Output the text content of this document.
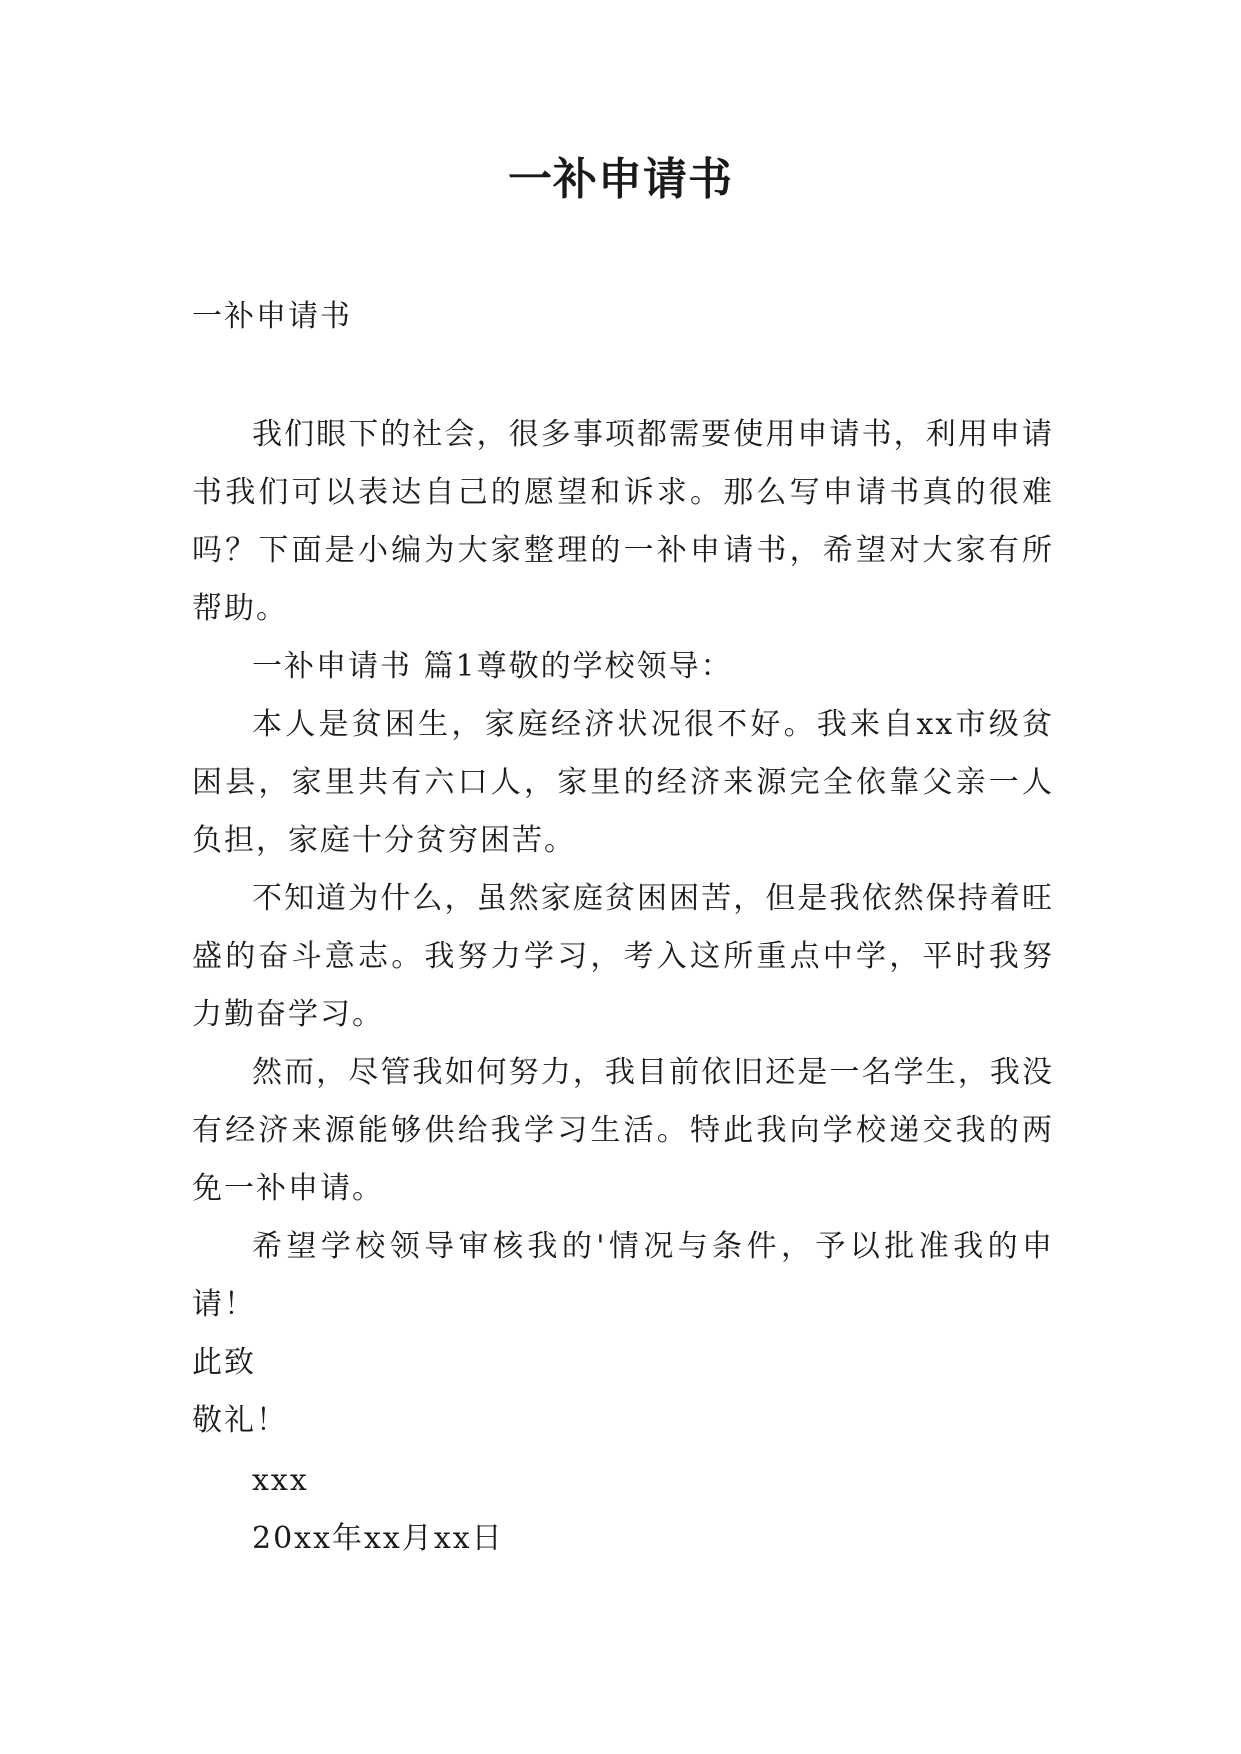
一补申请书

一补申请书

我们眼下的社会，很多事项都需要使用申请书，利用申请书我们可以表达自己的愿望和诉求。那么写申请书真的很难吗？下面是小编为大家整理的一补申请书，希望对大家有所帮助。

一补申请书 篇1尊敬的学校领导：

本人是贫困生，家庭经济状况很不好。我来自xx市级贫困县，家里共有六口人，家里的经济来源完全依靠父亲一人负担，家庭十分贫穷困苦。

不知道为什么，虽然家庭贫困困苦，但是我依然保持着旺盛的奋斗意志。我努力学习，考入这所重点中学，平时我努力勤奋学习。

然而，尽管我如何努力，我目前依旧还是一名学生，我没有经济来源能够供给我学习生活。特此我向学校递交我的两免一补申请。

希望学校领导审核我的'情况与条件，予以批准我的申请！

此致

敬礼！

xxx

20xx年xx月xx日
